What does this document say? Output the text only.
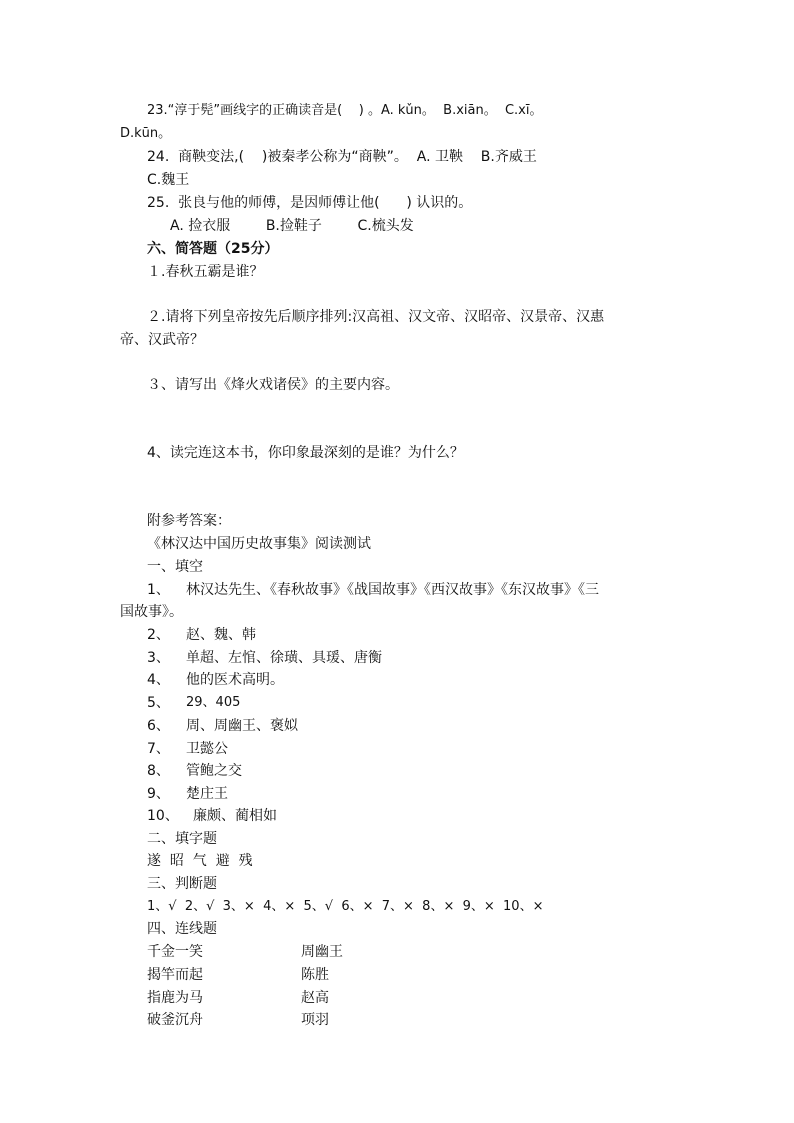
23.“淳于髡”画线字的正确读音是(    ) 。A. kǔn。  B.xiān。  C.xī。
D.kūn。
24.  商鞅变法,(    )被秦孝公称为“商鞅”。  A. 卫鞅    B.齐威王
C.魏王
25.  张良与他的师傅，是因师傅让他(      ) 认识的。
A. 捡衣服        B.捡鞋子        C.梳头发
六、简答题（25分）
１.春秋五霸是谁？
２.请将下列皇帝按先后顺序排列:汉高祖、汉文帝、汉昭帝、汉景帝、汉惠
帝、汉武帝？
３、请写出《烽火戏诸侯》的主要内容。
4、读完连这本书，你印象最深刻的是谁？为什么？
附参考答案：
《林汉达中国历史故事集》阅读测试
一、填空
1、 林汉达先生、《春秋故事》《战国故事》《西汉故事》《东汉故事》《三
国故事》。
2、 赵、魏、韩
3、 单超、左悺、徐璜、具瑗、唐衡
4、 他的医术高明。
5、 29、405
6、 周、周幽王、褒姒
7、 卫懿公
8、 管鲍之交
9、 楚庄王
10、 廉颇、蔺相如
二、填字题
遂  昭  气  避  残
三、判断题
1、√  2、√  3、×  4、×  5、√  6、×  7、×  8、×  9、×  10、×
四、连线题
千金一笑	周幽王
揭竿而起	陈胜
指鹿为马	赵高
破釜沉舟	项羽
